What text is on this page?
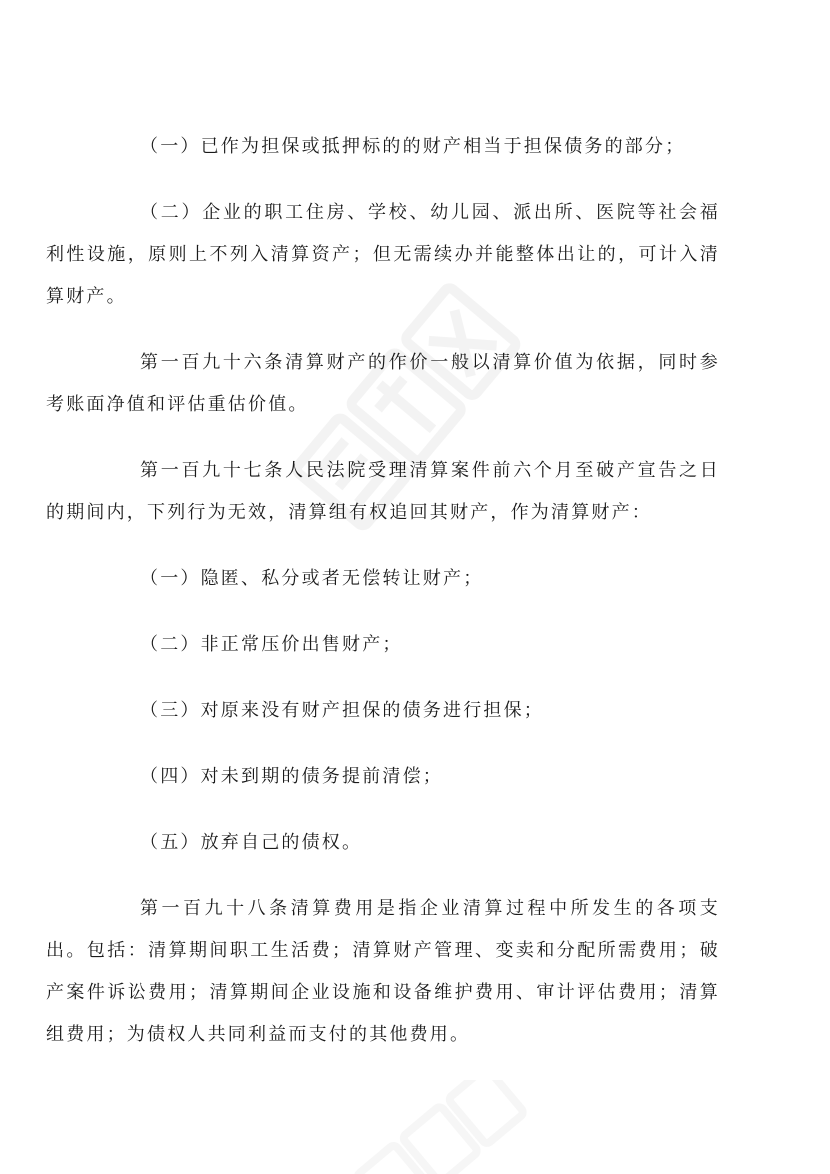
（一）已作为担保或抵押标的的财产相当于担保债务的部分；

（二）企业的职工住房、学校、幼儿园、派出所、医院等社会福利性设施，原则上不列入清算资产；但无需续办并能整体出让的，可计入清算财产。

第一百九十六条清算财产的作价一般以清算价值为依据，同时参考账面净值和评估重估价值。

第一百九十七条人民法院受理清算案件前六个月至破产宣告之日的期间内，下列行为无效，清算组有权追回其财产，作为清算财产：

（一）隐匿、私分或者无偿转让财产；

（二）非正常压价出售财产；

（三）对原来没有财产担保的债务进行担保；

（四）对未到期的债务提前清偿；

（五）放弃自己的债权。

第一百九十八条清算费用是指企业清算过程中所发生的各项支出。包括：清算期间职工生活费；清算财产管理、变卖和分配所需费用；破产案件诉讼费用；清算期间企业设施和设备维护费用、审计评估费用；清算组费用；为债权人共同利益而支付的其他费用。
